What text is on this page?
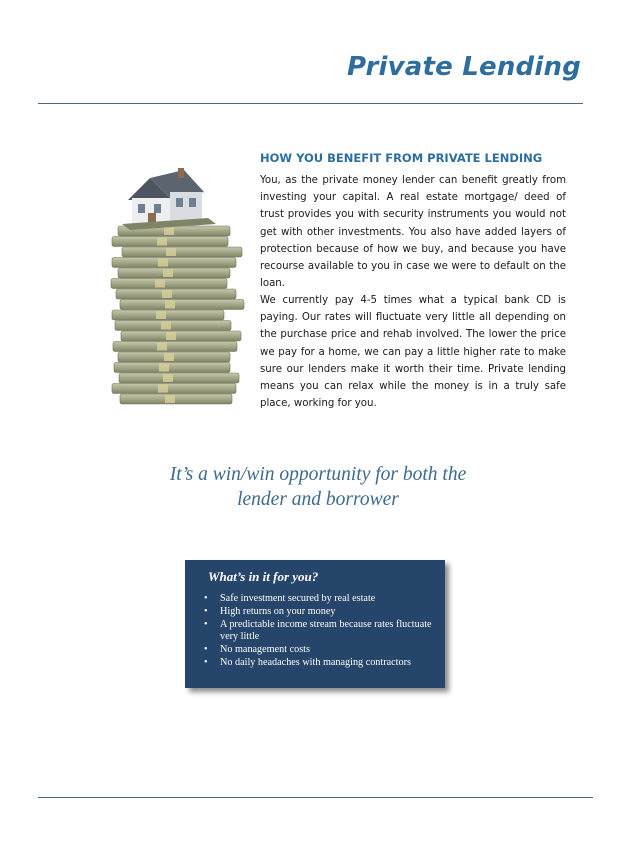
Private Lending
HOW YOU BENEFIT FROM PRIVATE LENDING

You, as the private money lender can benefit greatly from investing your capital. A real estate mortgage/ deed of trust provides you with security instruments you would not get with other investments. You also have added layers of protection because of how we buy, and because you have recourse available to you in case we were to default on the loan.

We currently pay 4-5 times what a typical bank CD is paying. Our rates will fluctuate very little all depending on the purchase price and rehab involved. The lower the price we pay for a home, we can pay a little higher rate to make sure our lenders make it worth their time. Private lending means you can relax while the money is in a truly safe place, working for you.

It’s a win/win opportunity for both the
lender and borrower
What’s in it for you?
• Safe investment secured by real estate
• High returns on your money
• A predictable income stream because rates fluctuate very little
• No management costs
• No daily headaches with managing contractors
